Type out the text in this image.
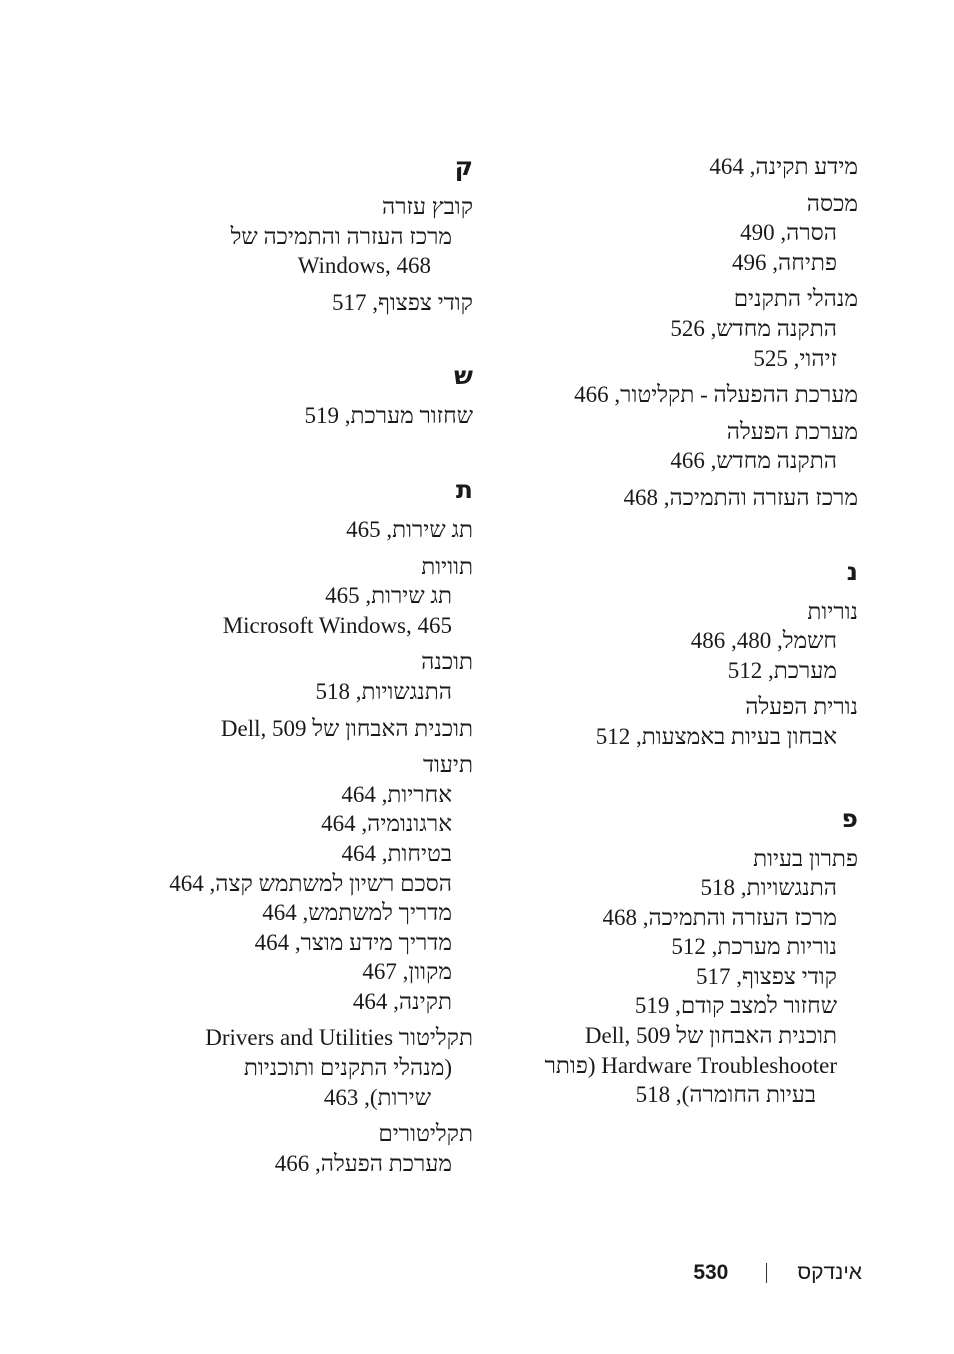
מידע תקינה, 464
מכסה
הסרה, 490
פתיחה, 496
מנהלי התקנים
התקנה מחדש, 526
זיהוי, 525
מערכת ההפעלה - תקליטור, 466
מערכת הפעלה
התקנה מחדש, 466
מרכז העזרה והתמיכה, 468
נ
נוריות
חשמל, 480, 486
מערכת, 512
נורית הפעלה
אבחון בעיות באמצעות, 512
פ
פתרון בעיות
התנגשויות, 518
מרכז העזרה והתמיכה, 468
נוריות מערכת, 512
קודי צפצוף, 517
שחזור למצב קודם, 519
תוכנית האבחון של Dell, 509
Hardware Troubleshooter (פותר
בעיות החומרה), 518
ק
קובץ עזרה
מרכז העזרה והתמיכה של
Windows, 468
קודי צפצוף, 517
ש
שחזור מערכת, 519
ת
תג שירות, 465
תוויות
תג שירות, 465
Microsoft Windows, 465
תוכנה
התנגשויות, 518
תוכנית האבחון של Dell, 509
תיעוד
אחריות, 464
ארגונומיה, 464
בטיחות, 464
הסכם רשיון למשתמש קצה, 464
מדריך למשתמש, 464
מדריך מידע מוצר, 464
מקוון, 467
תקינה, 464
תקליטור Drivers and Utilities
(מנהלי התקנים ותוכניות
שירות), 463
תקליטורים
מערכת הפעלה, 466
אינדקס
530
